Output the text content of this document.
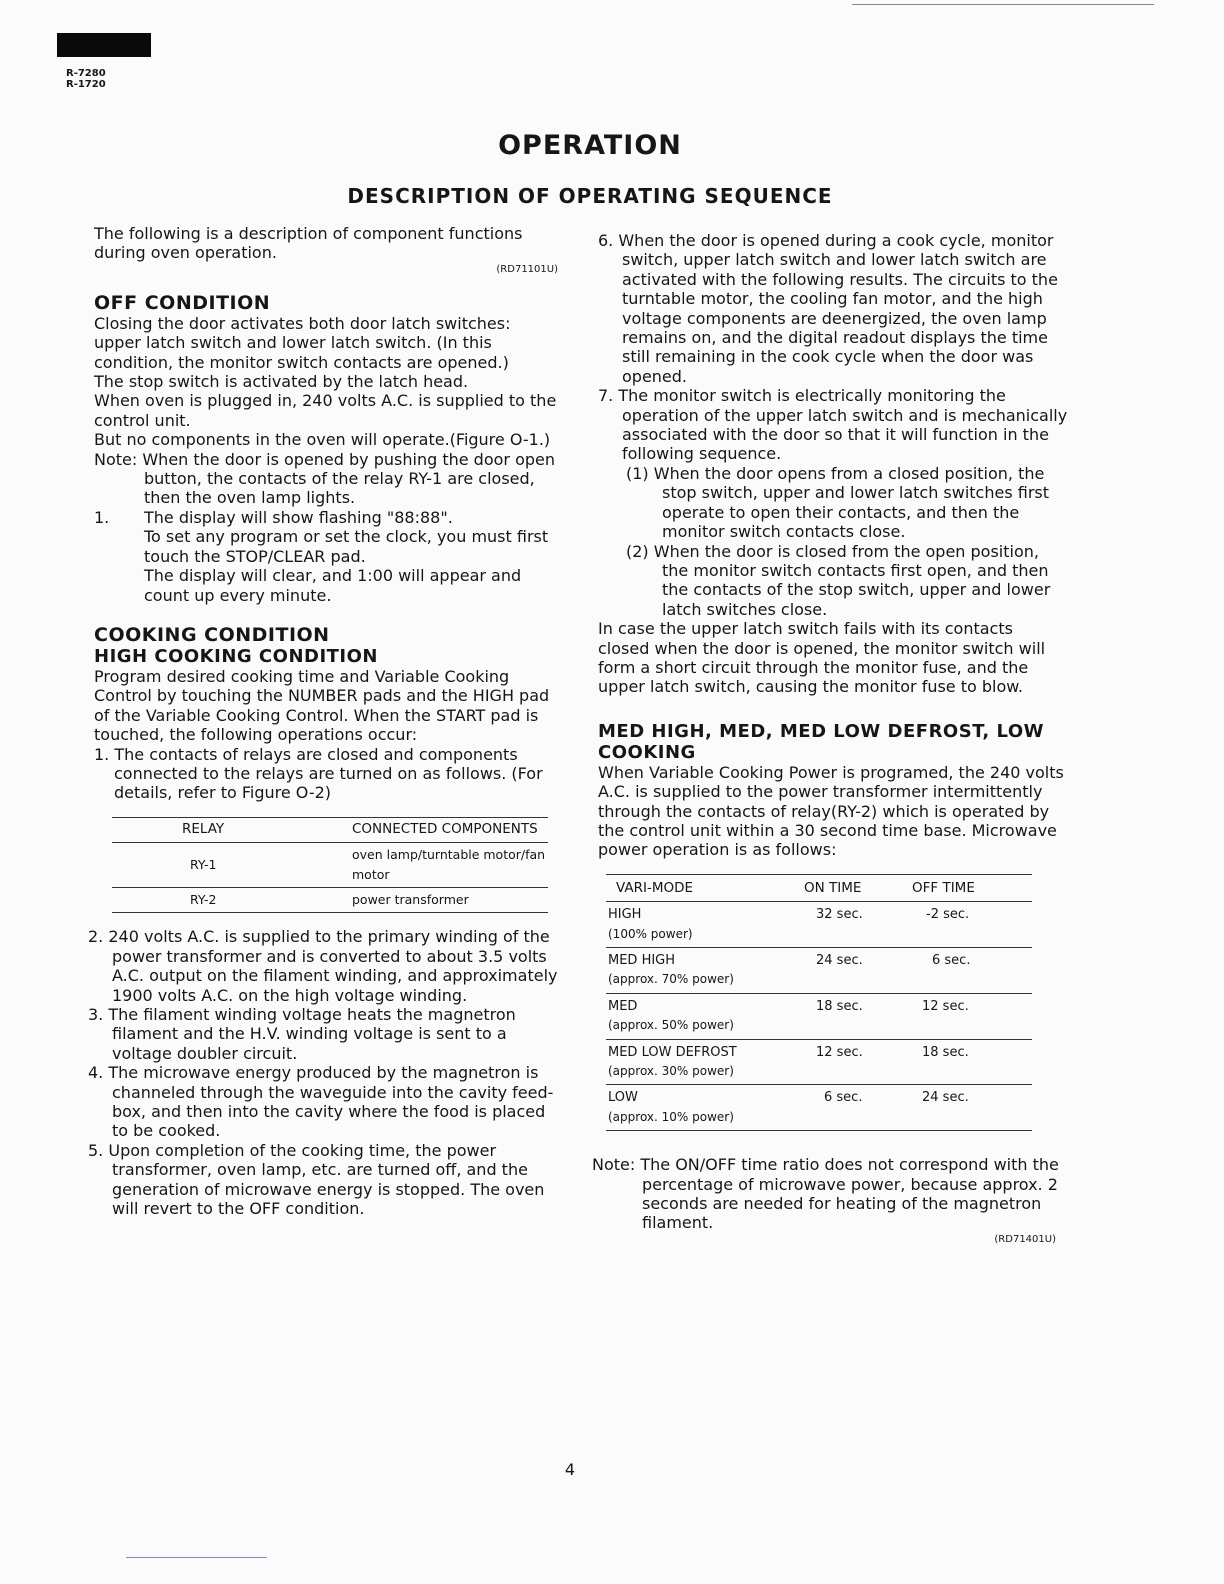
R-7280
R-1720
OPERATION
DESCRIPTION OF OPERATING SEQUENCE

The following is a description of component functions during oven operation.

(RD71101U)

OFF CONDITION

Closing the door activates both door latch switches: upper latch switch and lower latch switch. (In this condition, the monitor switch contacts are opened.)

The stop switch is activated by the latch head.

When oven is plugged in, 240 volts A.C. is supplied to the control unit.

But no components in the oven will operate.(Figure O-1.)

Note: When the door is opened by pushing the door open button, the contacts of the relay RY-1 are closed, then the oven lamp lights.

1.	The display will show flashing "88:88".

To set any program or set the clock, you must first touch the STOP/CLEAR pad.

The display will clear, and 1:00 will appear and count up every minute.

COOKING CONDITION

HIGH COOKING CONDITION

Program desired cooking time and Variable Cooking Control by touching the NUMBER pads and the HIGH pad of the Variable Cooking Control. When the START pad is touched, the following operations occur:

1. The contacts of relays are closed and components connected to the relays are turned on as follows. (For details, refer to Figure O-2)

RELAY	CONNECTED COMPONENTS
RY-1	oven lamp/turntable motor/fan motor
RY-2	power transformer

2. 240 volts A.C. is supplied to the primary winding of the power transformer and is converted to about 3.5 volts A.C. output on the filament winding, and approximately 1900 volts A.C. on the high voltage winding.

3. The filament winding voltage heats the magnetron filament and the H.V. winding voltage is sent to a voltage doubler circuit.

4. The microwave energy produced by the magnetron is channeled through the waveguide into the cavity feed-box, and then into the cavity where the food is placed to be cooked.

5. Upon completion of the cooking time, the power transformer, oven lamp, etc. are turned off, and the generation of microwave energy is stopped. The oven will revert to the OFF condition.

6. When the door is opened during a cook cycle, monitor switch, upper latch switch and lower latch switch are activated with the following results. The circuits to the turntable motor, the cooling fan motor, and the high voltage components are deenergized, the oven lamp remains on, and the digital readout displays the time still remaining in the cook cycle when the door was opened.

7. The monitor switch is electrically monitoring the operation of the upper latch switch and is mechanically associated with the door so that it will function in the following sequence.

(1) When the door opens from a closed position, the stop switch, upper and lower latch switches first operate to open their contacts, and then the monitor switch contacts close.

(2) When the door is closed from the open position, the monitor switch contacts first open, and then the contacts of the stop switch, upper and lower latch switches close.

In case the upper latch switch fails with its contacts closed when the door is opened, the monitor switch will form a short circuit through the monitor fuse, and the upper latch switch, causing the monitor fuse to blow.

MED HIGH, MED, MED LOW DEFROST, LOW COOKING

When Variable Cooking Power is programed, the 240 volts A.C. is supplied to the power transformer intermittently through the contacts of relay(RY-2) which is operated by the control unit within a 30 second time base. Microwave power operation is as follows:

VARI-MODE	ON TIME	OFF TIME
HIGH
(100% power)	32 sec.	-2 sec.
MED HIGH
(approx. 70% power)	24 sec.	6 sec.
MED
(approx. 50% power)	18 sec.	12 sec.
MED LOW DEFROST
(approx. 30% power)	12 sec.	18 sec.
LOW
(approx. 10% power)	6 sec.	24 sec.

Note: The ON/OFF time ratio does not correspond with the percentage of microwave power, because approx. 2 seconds are needed for heating of the magnetron filament.

(RD71401U)
4
